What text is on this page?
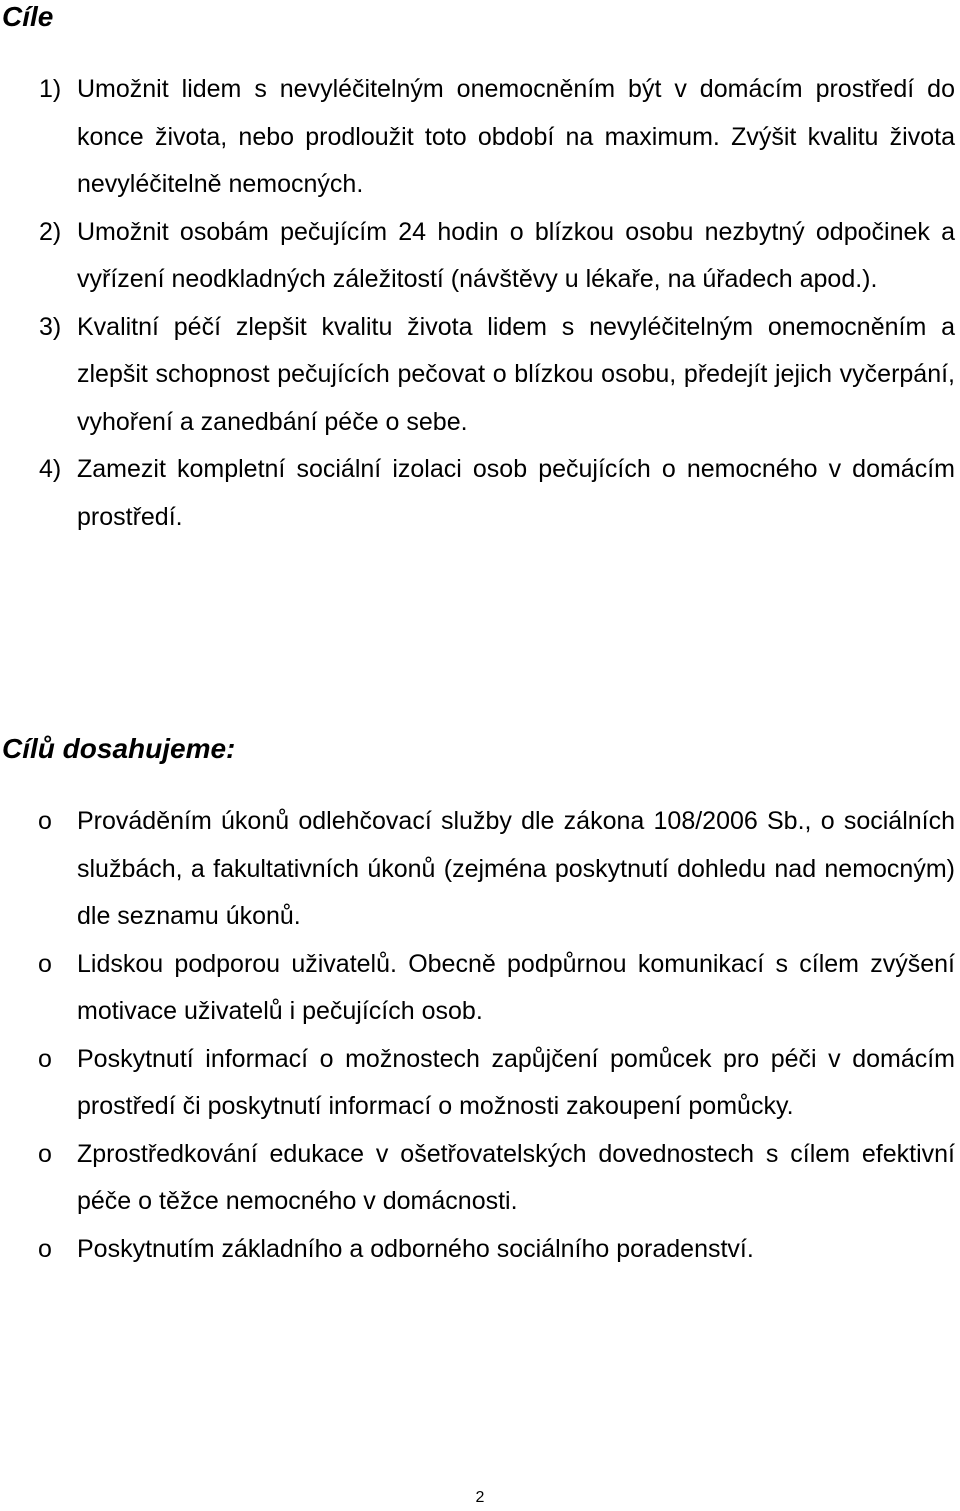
Cíle
1) Umožnit lidem s nevyléčitelným onemocněním být v domácím prostředí do konce života, nebo prodloužit toto období na maximum. Zvýšit kvalitu života nevyléčitelně nemocných.
2) Umožnit osobám pečujícím 24 hodin o blízkou osobu nezbytný odpočinek a vyřízení neodkladných záležitostí (návštěvy u lékaře, na úřadech apod.).
3) Kvalitní péčí zlepšit kvalitu života lidem s nevyléčitelným onemocněním a zlepšit schopnost pečujících pečovat o blízkou osobu, předejít jejich vyčerpání, vyhoření a zanedbání péče o sebe.
4) Zamezit kompletní sociální izolaci osob pečujících o nemocného v domácím prostředí.
Cílů dosahujeme:
o	Prováděním úkonů odlehčovací služby dle zákona 108/2006 Sb., o sociálních službách, a fakultativních úkonů (zejména poskytnutí dohledu nad nemocným) dle seznamu úkonů.
o	Lidskou podporou uživatelů. Obecně podpůrnou komunikací s cílem zvýšení motivace uživatelů i pečujících osob.
o	Poskytnutí informací o možnostech zapůjčení pomůcek pro péči v domácím prostředí či poskytnutí informací o možnosti zakoupení pomůcky.
o	Zprostředkování edukace v ošetřovatelských dovednostech s cílem efektivní péče o těžce nemocného v domácnosti.
o	Poskytnutím základního a odborného sociálního poradenství.
2
